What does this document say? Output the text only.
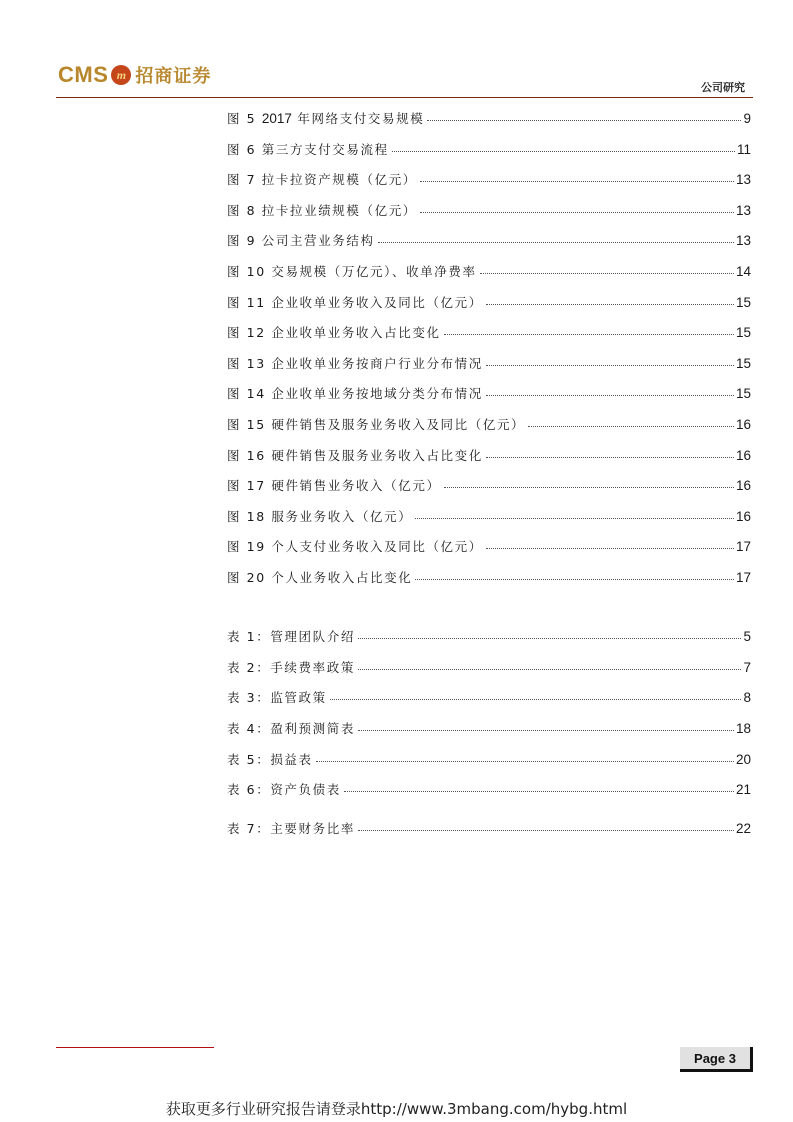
CMS m 招商证券
公司研究
图 5 2017 年网络支付交易规模	9
图 6 第三方支付交易流程	11
图 7 拉卡拉资产规模（亿元）	13
图 8 拉卡拉业绩规模（亿元）	13
图 9 公司主营业务结构	13
图 10 交易规模（万亿元）、收单净费率	14
图 11 企业收单业务收入及同比（亿元）	15
图 12 企业收单业务收入占比变化	15
图 13 企业收单业务按商户行业分布情况	15
图 14 企业收单业务按地域分类分布情况	15
图 15 硬件销售及服务业务收入及同比（亿元）	16
图 16 硬件销售及服务业务收入占比变化	16
图 17 硬件销售业务收入（亿元）	16
图 18 服务业务收入（亿元）	16
图 19 个人支付业务收入及同比（亿元）	17
图 20 个人业务收入占比变化	17
表 1：管理团队介绍	5
表 2：手续费率政策	7
表 3：监管政策	8
表 4：盈利预测简表	18
表 5：损益表	20
表 6：资产负债表	21
表 7：主要财务比率	22
Page 3
获取更多行业研究报告请登录http://www.3mbang.com/hybg.html
